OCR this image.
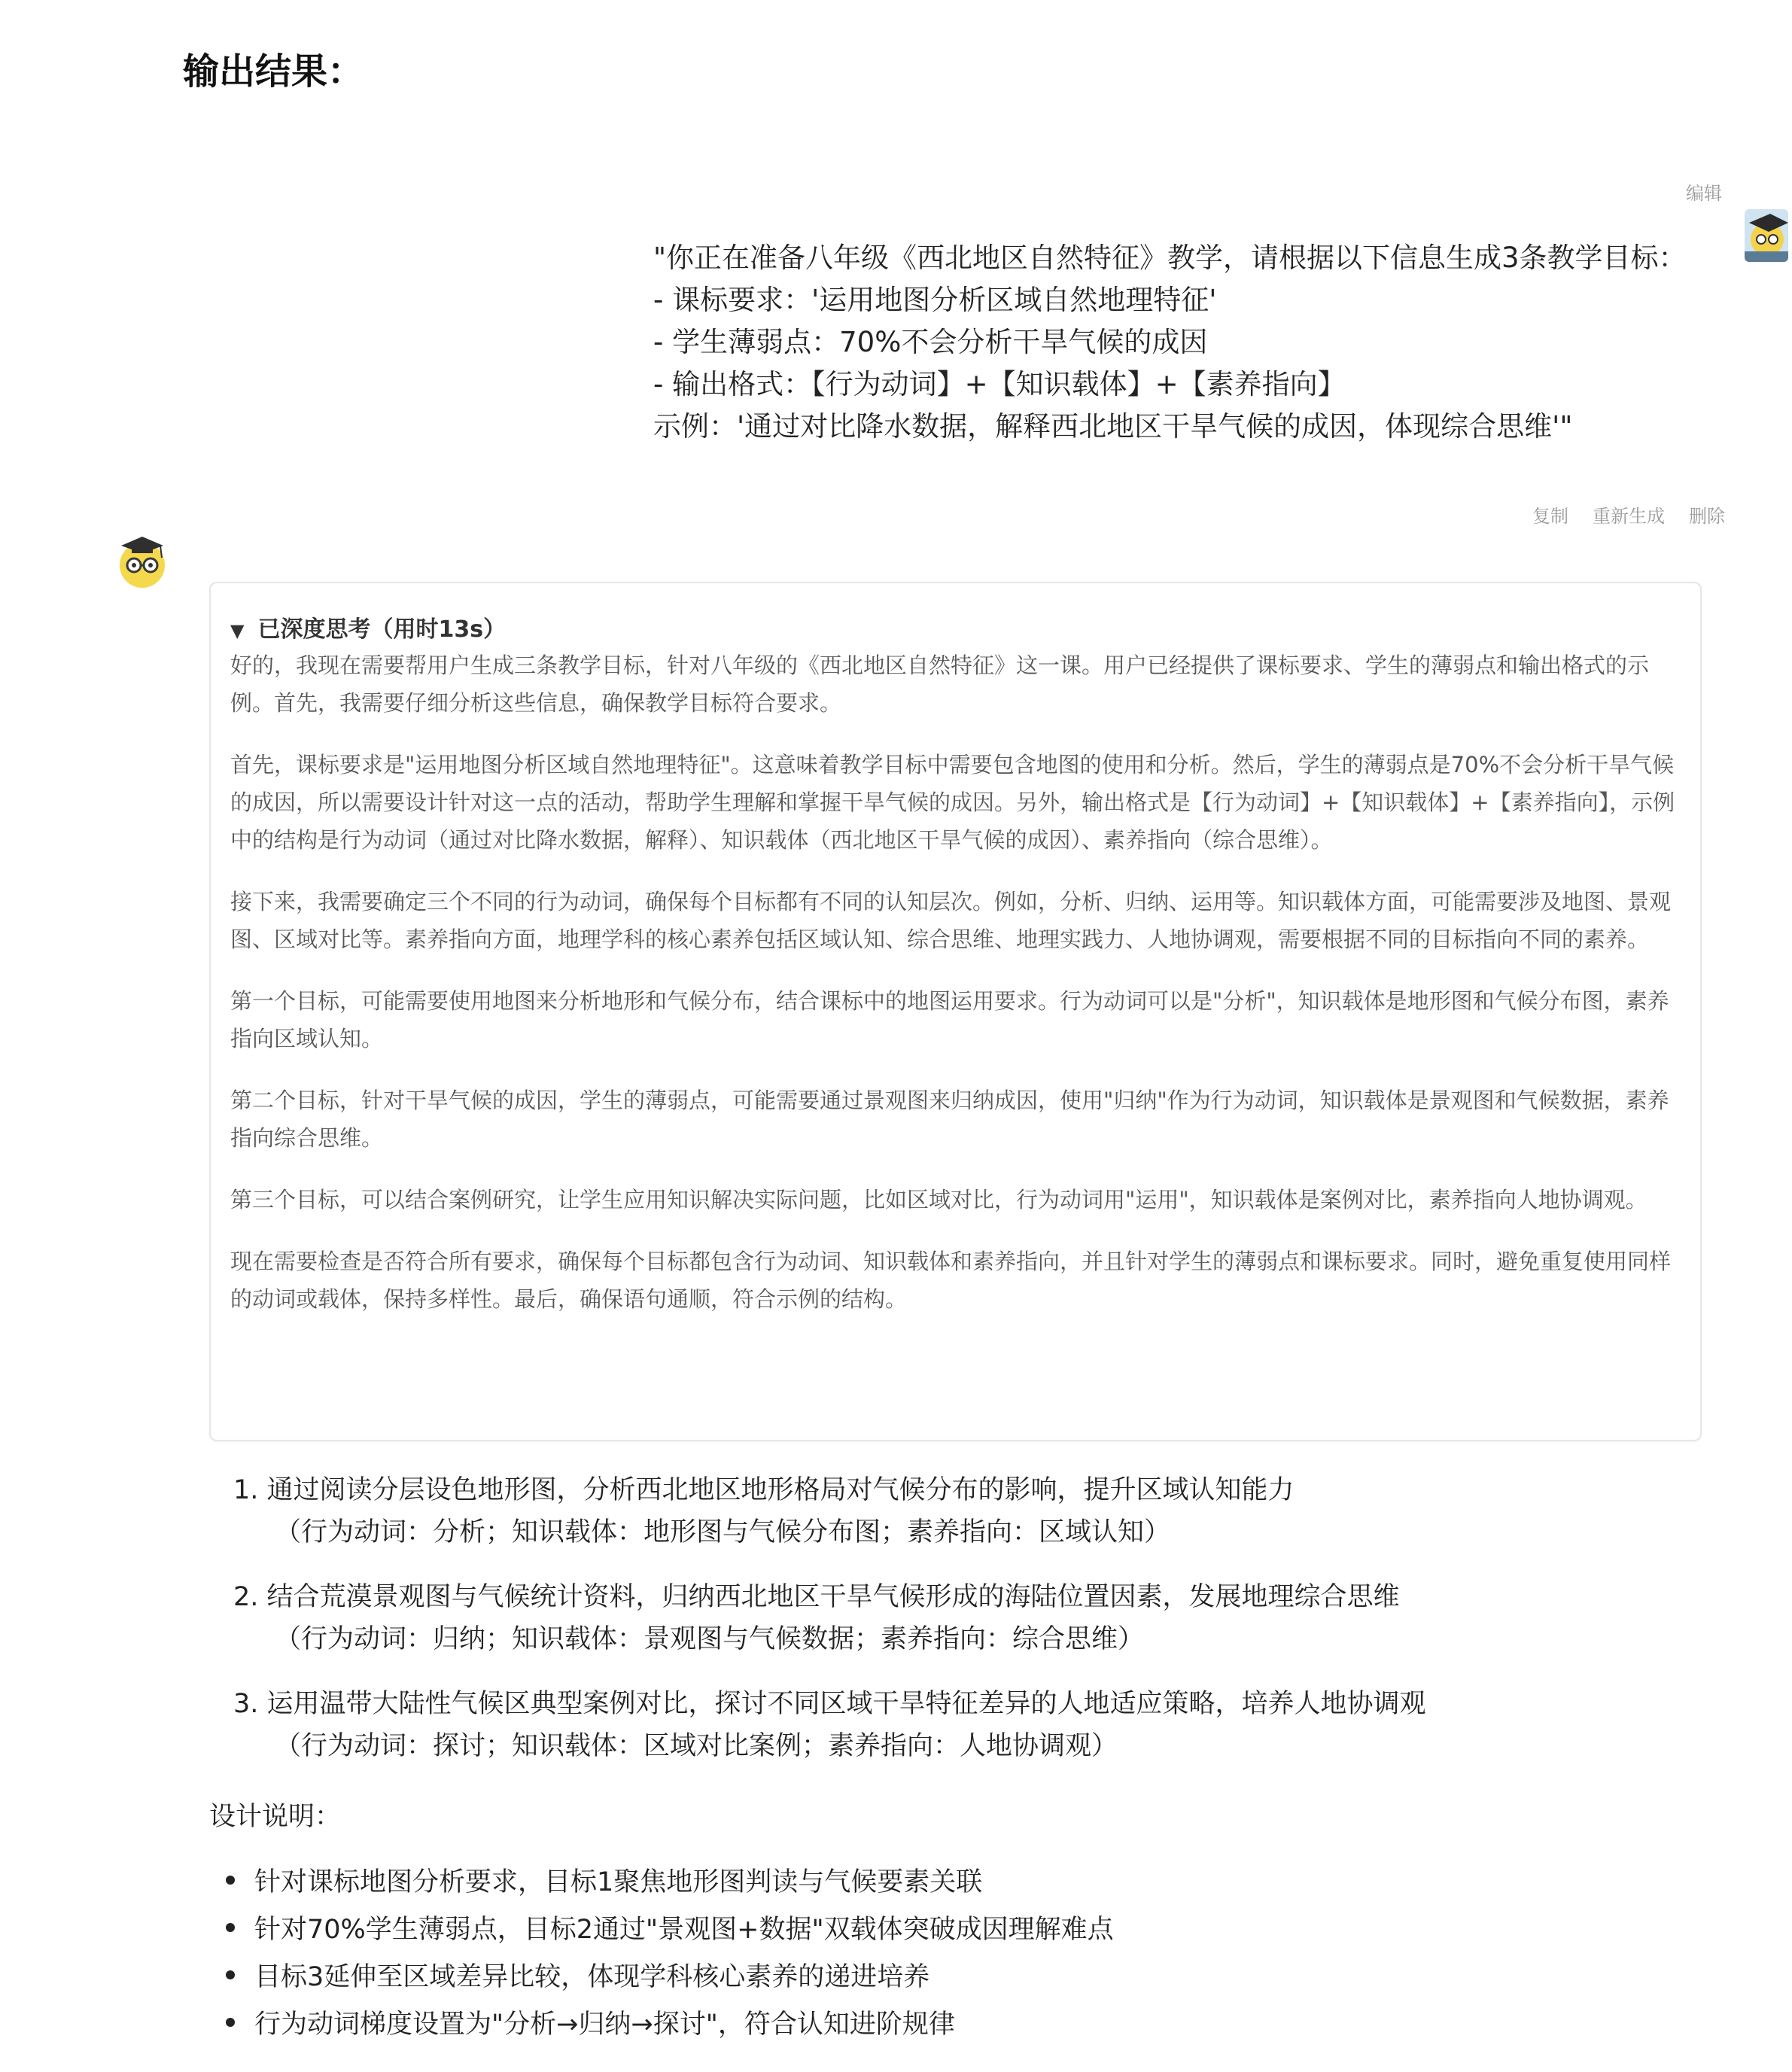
输出结果：
编辑
"你正在准备八年级《西北地区自然特征》教学，请根据以下信息生成3条教学目标：
- 课标要求：'运用地图分析区域自然地理特征'
- 学生薄弱点：70%不会分析干旱气候的成因
- 输出格式：【行为动词】+【知识载体】+【素养指向】
示例：'通过对比降水数据，解释西北地区干旱气候的成因，体现综合思维'"
复制 重新生成 删除
▼ 已深度思考（用时13s）

好的，我现在需要帮用户生成三条教学目标，针对八年级的《西北地区自然特征》这一课。用户已经提供了课标要求、学生的薄弱点和输出格式的示例。首先，我需要仔细分析这些信息，确保教学目标符合要求。

首先，课标要求是"运用地图分析区域自然地理特征"。这意味着教学目标中需要包含地图的使用和分析。然后，学生的薄弱点是70%不会分析干旱气候的成因，所以需要设计针对这一点的活动，帮助学生理解和掌握干旱气候的成因。另外，输出格式是【行为动词】+【知识载体】+【素养指向】，示例中的结构是行为动词（通过对比降水数据，解释）、知识载体（西北地区干旱气候的成因）、素养指向（综合思维）。

接下来，我需要确定三个不同的行为动词，确保每个目标都有不同的认知层次。例如，分析、归纳、运用等。知识载体方面，可能需要涉及地图、景观图、区域对比等。素养指向方面，地理学科的核心素养包括区域认知、综合思维、地理实践力、人地协调观，需要根据不同的目标指向不同的素养。

第一个目标，可能需要使用地图来分析地形和气候分布，结合课标中的地图运用要求。行为动词可以是"分析"，知识载体是地形图和气候分布图，素养指向区域认知。

第二个目标，针对干旱气候的成因，学生的薄弱点，可能需要通过景观图来归纳成因，使用"归纳"作为行为动词，知识载体是景观图和气候数据，素养指向综合思维。

第三个目标，可以结合案例研究，让学生应用知识解决实际问题，比如区域对比，行为动词用"运用"，知识载体是案例对比，素养指向人地协调观。

现在需要检查是否符合所有要求，确保每个目标都包含行为动词、知识载体和素养指向，并且针对学生的薄弱点和课标要求。同时，避免重复使用同样的动词或载体，保持多样性。最后，确保语句通顺，符合示例的结构。

1. 通过阅读分层设色地形图，分析西北地区地形格局对气候分布的影响，提升区域认知能力
（行为动词：分析；知识载体：地形图与气候分布图；素养指向：区域认知）
2. 结合荒漠景观图与气候统计资料，归纳西北地区干旱气候形成的海陆位置因素，发展地理综合思维
（行为动词：归纳；知识载体：景观图与气候数据；素养指向：综合思维）
3. 运用温带大陆性气候区典型案例对比，探讨不同区域干旱特征差异的人地适应策略，培养人地协调观
（行为动词：探讨；知识载体：区域对比案例；素养指向：人地协调观）
设计说明：
针对课标地图分析要求，目标1聚焦地形图判读与气候要素关联
针对70%学生薄弱点，目标2通过"景观图+数据"双载体突破成因理解难点
目标3延伸至区域差异比较，体现学科核心素养的递进培养
行为动词梯度设置为"分析→归纳→探讨"，符合认知进阶规律
